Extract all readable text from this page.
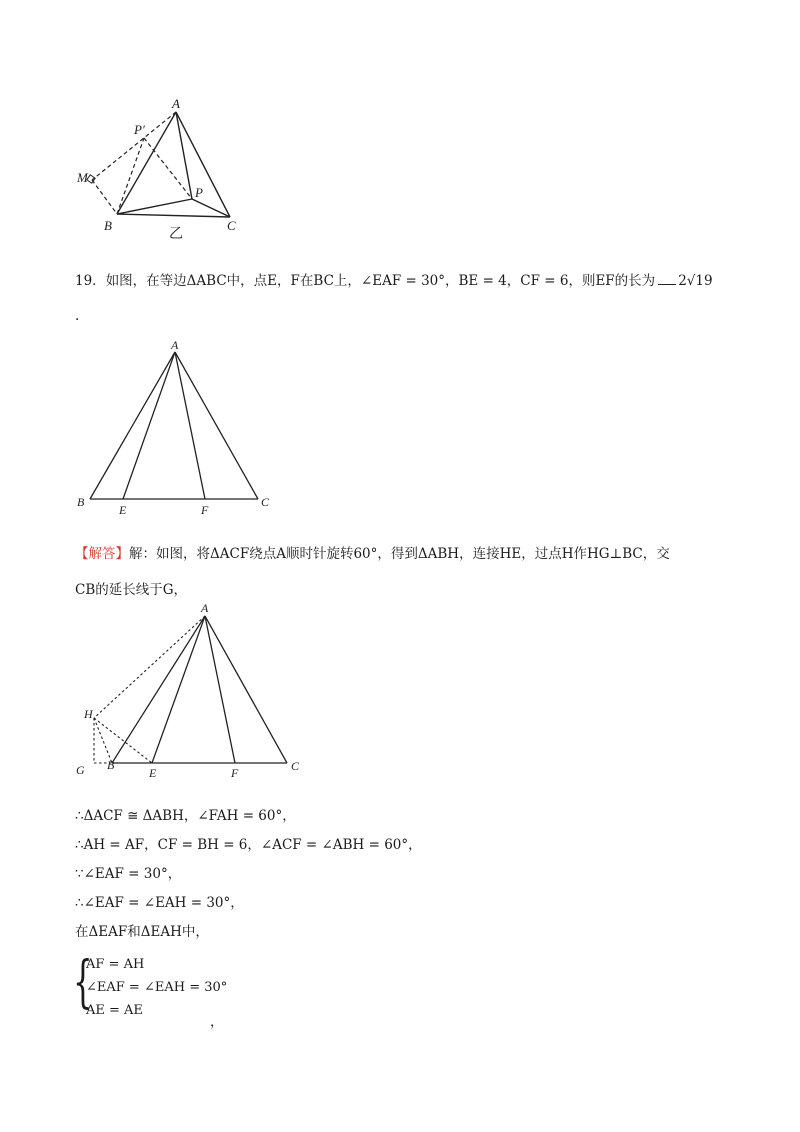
A
P′
M
P
B	C
乙
19．如图，在等边ΔABC中，点E，F在BC上，∠EAF = 30°，BE = 4，CF = 6，则EF的长为 2√19
.
A
B	C
E	F
【解答】解：如图，将ΔACF绕点A顺时针旋转60°，得到ΔABH，连接HE，过点H作HG⊥BC，交
CB的延长线于G，
H
A
G B
E	F	C
∴ΔACF ≅ ΔABH，∠FAH = 60°，
∴AH = AF，CF = BH = 6，∠ACF = ∠ABH = 60°，
∵∠EAF = 30°，
∴∠EAF = ∠EAH = 30°，
在ΔEAF和ΔEAH中，
{
AF = AH
∠EAF = ∠EAH = 30°
AE = AE
，
